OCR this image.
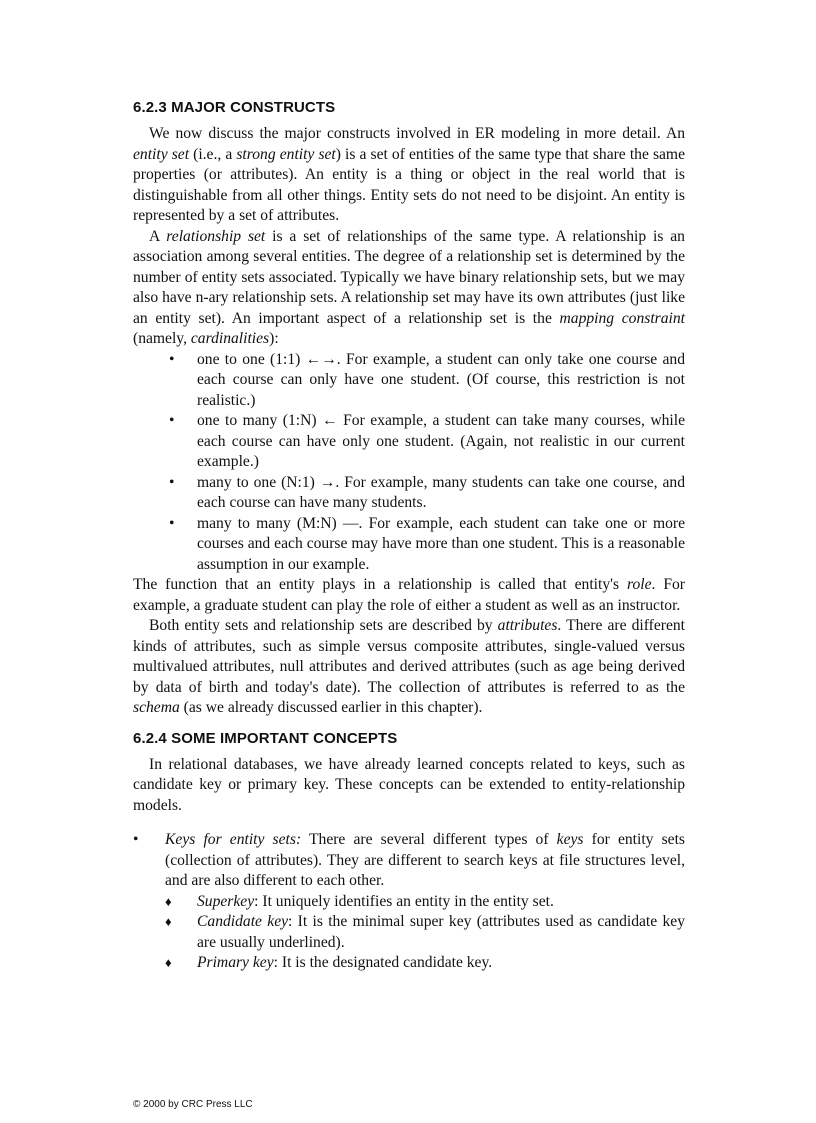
6.2.3 MAJOR CONSTRUCTS

We now discuss the major constructs involved in ER modeling in more detail. An entity set (i.e., a strong entity set) is a set of entities of the same type that share the same properties (or attributes). An entity is a thing or object in the real world that is distinguishable from all other things. Entity sets do not need to be disjoint. An entity is represented by a set of attributes.

A relationship set is a set of relationships of the same type. A relationship is an association among several entities. The degree of a relationship set is determined by the number of entity sets associated. Typically we have binary relationship sets, but we may also have n-ary relationship sets. A relationship set may have its own attributes (just like an entity set). An important aspect of a relationship set is the mapping constraint (namely, cardinalities):

• one to one (1:1) ←→. For example, a student can only take one course and each course can only have one student. (Of course, this restriction is not realistic.)
• one to many (1:N) ← For example, a student can take many courses, while each course can have only one student. (Again, not realistic in our current example.)
• many to one (N:1) →. For example, many students can take one course, and each course can have many students.
• many to many (M:N) —. For example, each student can take one or more courses and each course may have more than one student. This is a reasonable assumption in our example.

The function that an entity plays in a relationship is called that entity's role. For example, a graduate student can play the role of either a student as well as an instructor.

Both entity sets and relationship sets are described by attributes. There are different kinds of attributes, such as simple versus composite attributes, single-valued versus multivalued attributes, null attributes and derived attributes (such as age being derived by data of birth and today's date). The collection of attributes is referred to as the schema (as we already discussed earlier in this chapter).

6.2.4 SOME IMPORTANT CONCEPTS

In relational databases, we have already learned concepts related to keys, such as candidate key or primary key. These concepts can be extended to entity-relationship models.

• Keys for entity sets: There are several different types of keys for entity sets (collection of attributes). They are different to search keys at file structures level, and are also different to each other.
♦ Superkey: It uniquely identifies an entity in the entity set.
♦ Candidate key: It is the minimal super key (attributes used as candidate key are usually underlined).
♦ Primary key: It is the designated candidate key.
© 2000 by CRC Press LLC
